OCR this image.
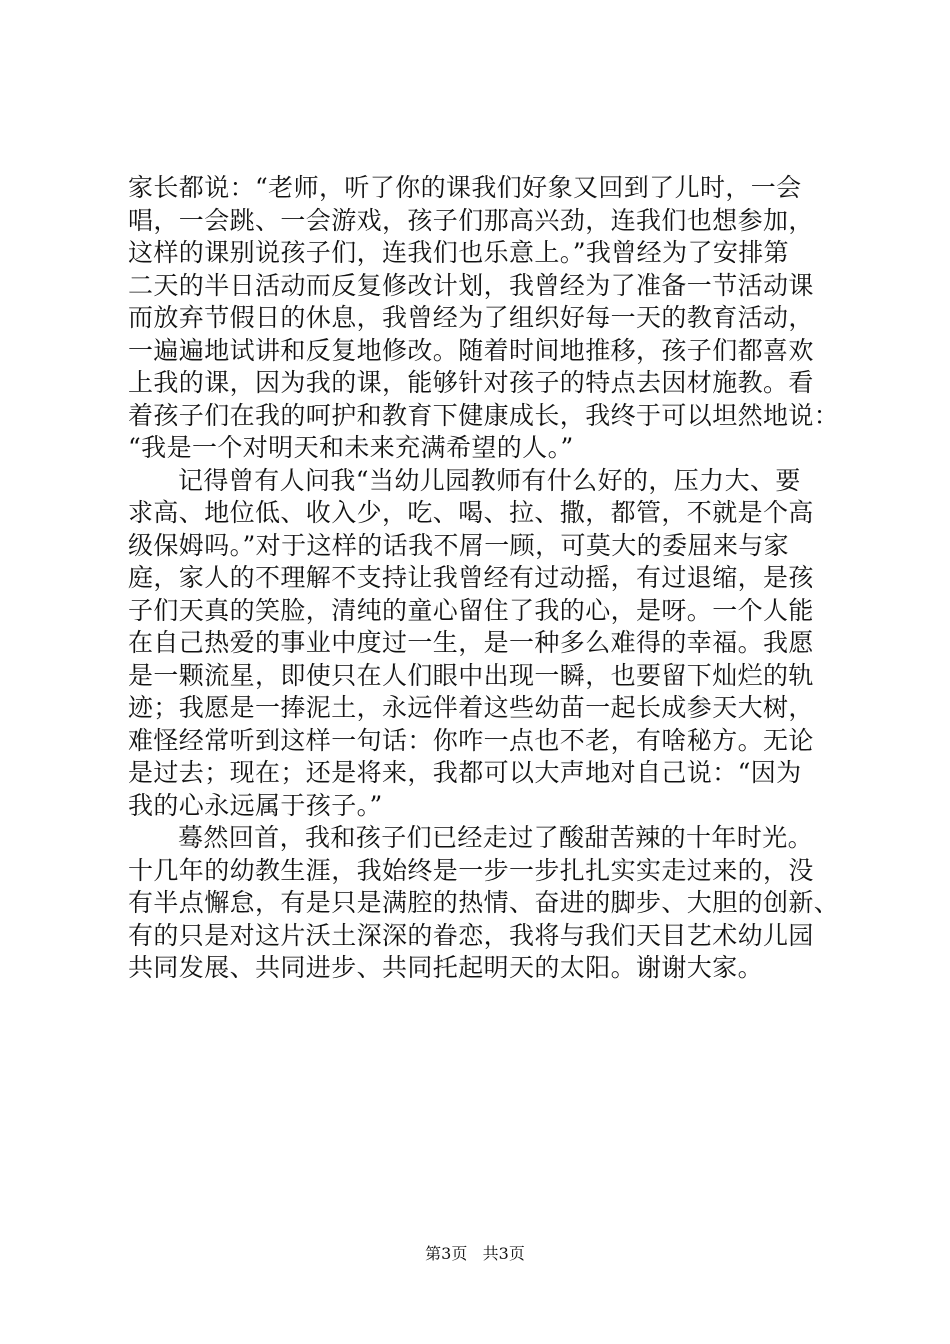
家长都说：“老师，听了你的课我们好象又回到了儿时，一会
唱，一会跳、一会游戏，孩子们那高兴劲，连我们也想参加，
这样的课别说孩子们，连我们也乐意上。”我曾经为了安排第
二天的半日活动而反复修改计划，我曾经为了准备一节活动课
而放弃节假日的休息，我曾经为了组织好每一天的教育活动，
一遍遍地试讲和反复地修改。随着时间地推移，孩子们都喜欢
上我的课，因为我的课，能够针对孩子的特点去因材施教。看
着孩子们在我的呵护和教育下健康成长，我终于可以坦然地说：
“我是一个对明天和未来充满希望的人。”
记得曾有人问我“当幼儿园教师有什么好的，压力大、要
求高、地位低、收入少，吃、喝、拉、撒，都管，不就是个高
级保姆吗。”对于这样的话我不屑一顾，可莫大的委屈来与家
庭，家人的不理解不支持让我曾经有过动摇，有过退缩，是孩
子们天真的笑脸，清纯的童心留住了我的心，是呀。一个人能
在自己热爱的事业中度过一生，是一种多么难得的幸福。我愿
是一颗流星，即使只在人们眼中出现一瞬，也要留下灿烂的轨
迹；我愿是一捧泥土，永远伴着这些幼苗一起长成参天大树，
难怪经常听到这样一句话：你咋一点也不老，有啥秘方。无论
是过去；现在；还是将来，我都可以大声地对自己说：“因为
我的心永远属于孩子。”
蓦然回首，我和孩子们已经走过了酸甜苦辣的十年时光。
十几年的幼教生涯，我始终是一步一步扎扎实实走过来的，没
有半点懈怠，有是只是满腔的热情、奋进的脚步、大胆的创新、
有的只是对这片沃土深深的眷恋，我将与我们天目艺术幼儿园
共同发展、共同进步、共同托起明天的太阳。谢谢大家。
第3页 共3页
